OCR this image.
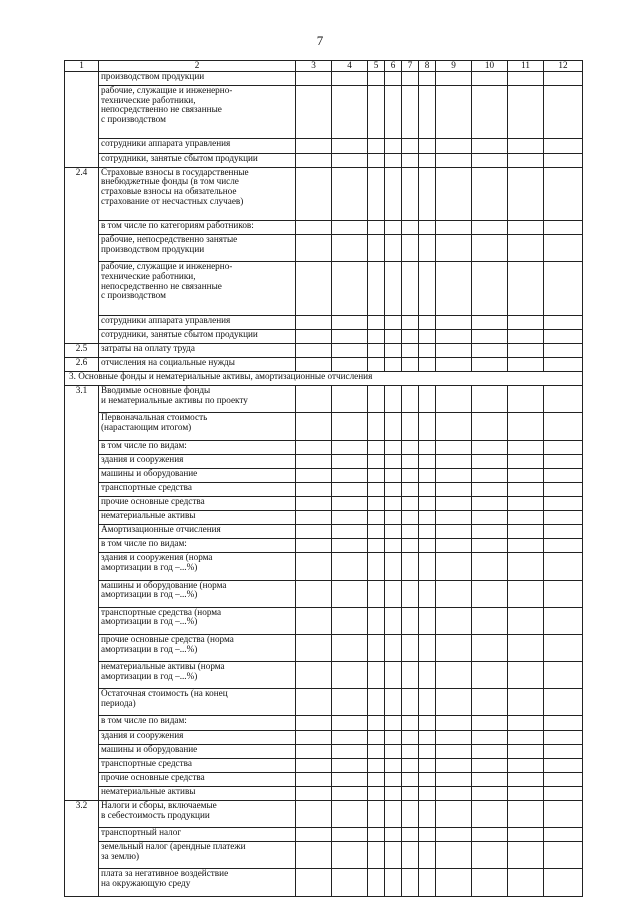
7
1	2	3	4	5	6	7	8	9	10	11	12

	производством продукции										

	рабочие, служащие и инженерно-
технические работники,
непосредственно не связанные
с производством										

	сотрудники аппарата управления										

	сотрудники, занятые сбытом продукции										

2.4	Страховые взносы в государственные
внебюджетные фонды (в том числе
страховые взносы на обязательное
страхование от несчастных случаев)										

	в том числе по категориям работников:										

	рабочие, непосредственно занятые
производством продукции										

	рабочие, служащие и инженерно-
технические работники,
непосредственно не связанные
с производством										

	сотрудники аппарата управления										

	сотрудники, занятые сбытом продукции										

2.5	затраты на оплату труда										

2.6	отчисления на социальные нужды										

3. Основные фонды и нематериальные активы, амортизационные отчисления											
3.1	Вводимые основные фонды
и нематериальные активы по проекту										

	Первоначальная стоимость
(нарастающим итогом)										

	в том числе по видам:										

	здания и сооружения										

	машины и оборудование										

	транспортные средства										

	прочие основные средства										

	нематериальные активы										

	Амортизационные отчисления										

	в том числе по видам:										

	здания и сооружения (норма
амортизации в год –...%)										

	машины и оборудование (норма
амортизации в год –...%)										

	транспортные средства (норма
амортизации в год –...%)										

	прочие основные средства (норма
амортизации в год –...%)										

	нематериальные активы (норма
амортизации в год –...%)										

	Остаточная стоимость (на конец
периода)										

	в том числе по видам:										

	здания и сооружения										

	машины и оборудование										

	транспортные средства										

	прочие основные средства										

	нематериальные активы										

3.2	Налоги и сборы, включаемые
в себестоимость продукции										

	транспортный налог										

	земельный налог (арендные платежи
за землю)										

	плата за негативное воздействие
на окружающую среду										
